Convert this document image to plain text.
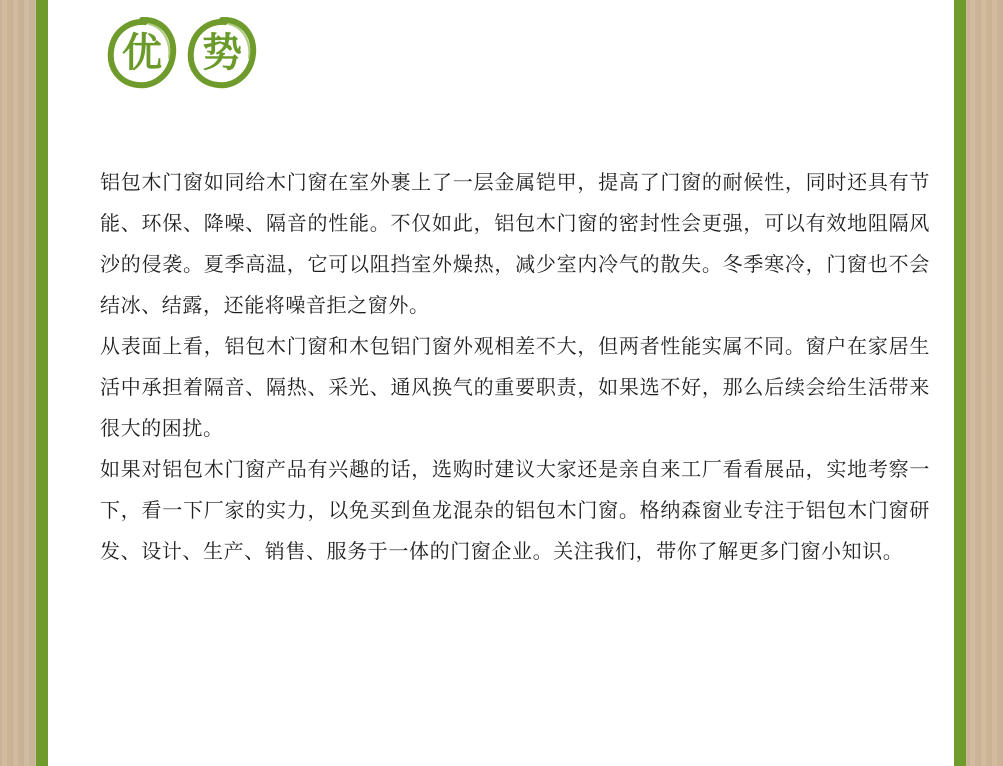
优	势

铝包木门窗如同给木门窗在室外裹上了一层金属铠甲，提高了门窗的耐候性，同时还具有节能、环保、降噪、隔音的性能。不仅如此，铝包木门窗的密封性会更强，可以有效地阻隔风沙的侵袭。夏季高温，它可以阻挡室外燥热，减少室内冷气的散失。冬季寒冷，门窗也不会结冰、结露，还能将噪音拒之窗外。

从表面上看，铝包木门窗和木包铝门窗外观相差不大，但两者性能实属不同。窗户在家居生活中承担着隔音、隔热、采光、通风换气的重要职责，如果选不好，那么后续会给生活带来很大的困扰。

如果对铝包木门窗产品有兴趣的话，选购时建议大家还是亲自来工厂看看展品，实地考察一下，看一下厂家的实力，以免买到鱼龙混杂的铝包木门窗。格纳森窗业专注于铝包木门窗研发、设计、生产、销售、服务于一体的门窗企业。关注我们，带你了解更多门窗小知识。
